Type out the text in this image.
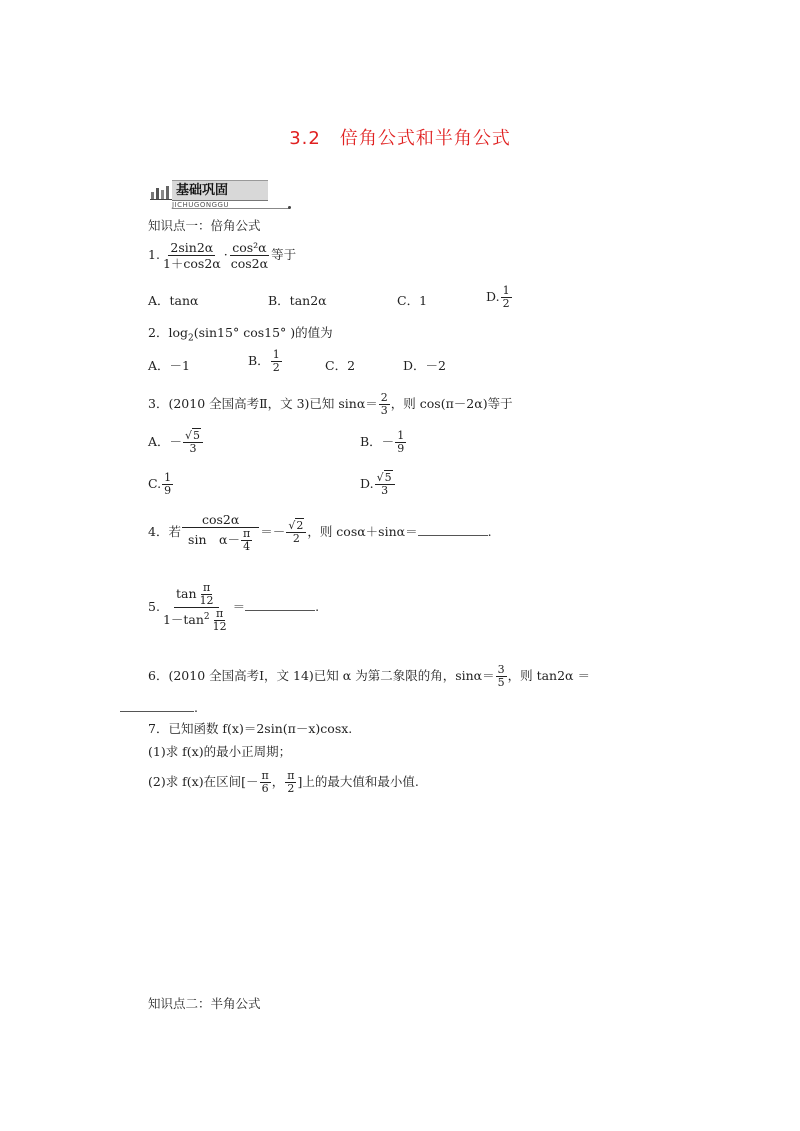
3.2　倍角公式和半角公式
基础巩固
JICHUGONGGU
知识点一：倍角公式
1. $\frac{2\sin 2\alpha}{1+\cos 2\alpha} \cdot \frac{\text{cos²α}}{\cos 2\alpha}$ 等于
A．tanα	B．tan2α	C．1	D. $\frac{1}{2}$
2．$\log_2(\sin 15^\circ$ cos15° )的值为
A．－1	B． $\frac{1}{2}$	C．2	D．－2
3．(2010 全国高考Ⅱ，文 3)已知 $\sin\alpha= \frac{2}{3}$ ，则 cos(π－2α)等于
A．－ $\frac{√5}{3}$	B．－ $\frac{1}{9}$
C. $\frac{1}{9}$	D. $\frac{√5}{3}$
4．若 $\frac{\cos 2\alpha}{\sin \alpha- \frac{\pi}{4}} =- \frac{√2}{2}$ ，则 cosα＋sinα＝	.
5. $\frac{\tan \frac{\pi}{12}}{1-\tan^2 \frac{\pi}{12}}$ ＝	.
6．(2010 全国高考Ⅰ，文 14)已知 α 为第二象限的角，$\sin\alpha= \frac{3}{5}$ ，则 tan2α ＝
.
7．已知函数 f(x)＝2sin(π－x)cosx.
(1)求 f(x)的最小正周期；
(2)求 f(x)在区间[－ $\frac{\pi}{6}$ ， $\frac{\pi}{2}$ ]上的最大值和最小值.
知识点二：半角公式
